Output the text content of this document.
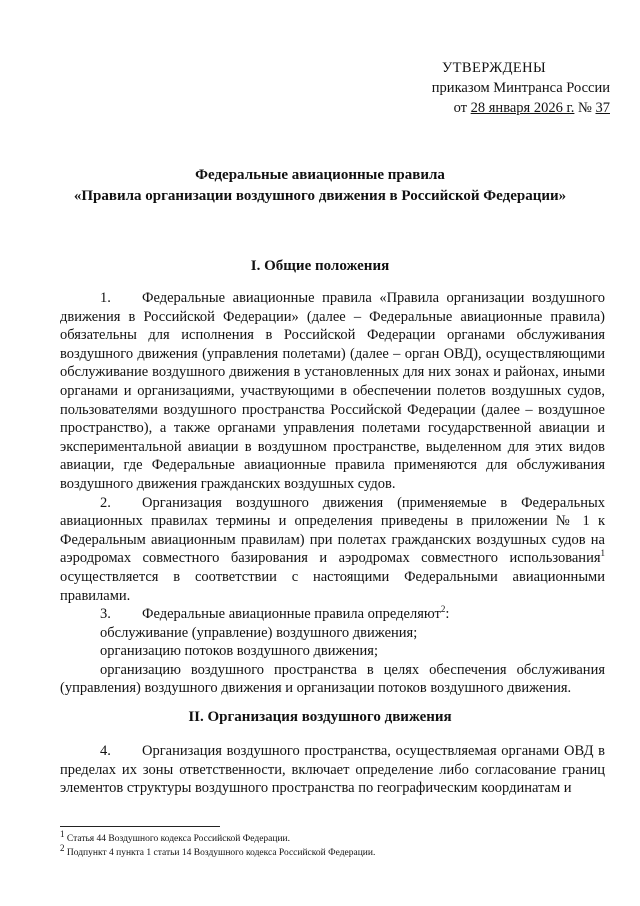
УТВЕРЖДЕНЫ
приказом Минтранса России
от 28 января 2026 г. № 37
Федеральные авиационные правила
«Правила организации воздушного движения в Российской Федерации»
I. Общие положения

1. Федеральные авиационные правила «Правила организации воздушного движения в Российской Федерации» (далее – Федеральные авиационные правила) обязательны для исполнения в Российской Федерации органами обслуживания воздушного движения (управления полетами) (далее – орган ОВД), осуществляющими обслуживание воздушного движения в установленных для них зонах и районах, иными органами и организациями, участвующими в обеспечении полетов воздушных судов, пользователями воздушного пространства Российской Федерации (далее – воздушное пространство), а также органами управления полетами государственной авиации и экспериментальной авиации в воздушном пространстве, выделенном для этих видов авиации, где Федеральные авиационные правила применяются для обслуживания воздушного движения гражданских воздушных судов.

2. Организация воздушного движения (применяемые в Федеральных авиационных правилах термины и определения приведены в приложении № 1 к Федеральным авиационным правилам) при полетах гражданских воздушных судов на аэродромах совместного базирования и аэродромах совместного использования$^1$ осуществляется в соответствии с настоящими Федеральными авиационными правилами.

3. Федеральные авиационные правила определяют$^2$:

обслуживание (управление) воздушного движения;

организацию потоков воздушного движения;

организацию воздушного пространства в целях обеспечения обслуживания (управления) воздушного движения и организации потоков воздушного движения.

II. Организация воздушного движения

4. Организация воздушного пространства, осуществляемая органами ОВД в пределах их зоны ответственности, включает определение либо согласование границ элементов структуры воздушного пространства по географическим координатам и

$^1$ Статья 44 Воздушного кодекса Российской Федерации.

$^2$ Подпункт 4 пункта 1 статьи 14 Воздушного кодекса Российской Федерации.
